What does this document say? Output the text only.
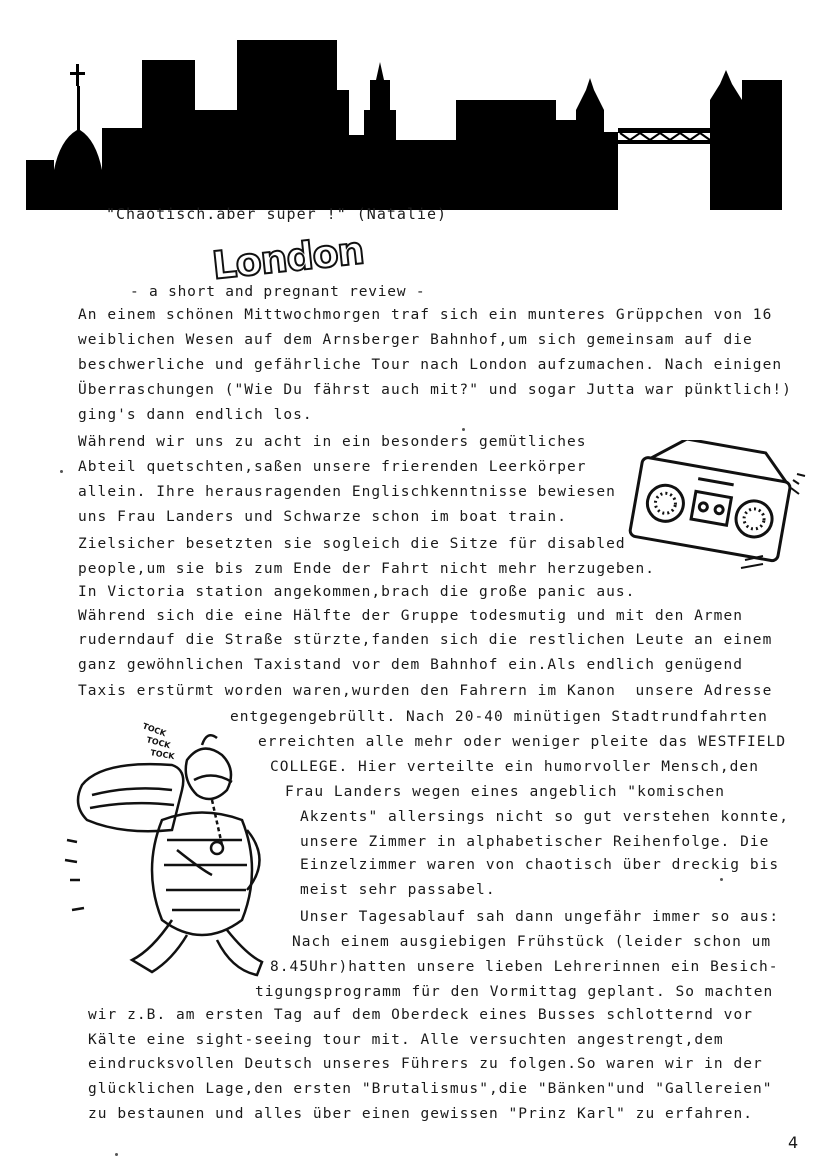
"Chaotisch.aber super !" (Natalie)
London
- a short and pregnant review -
An einem schönen Mittwochmorgen traf sich ein munteres Grüppchen von 16
weiblichen Wesen auf dem Arnsberger Bahnhof,um sich gemeinsam auf die
beschwerliche und gefährliche Tour nach London aufzumachen. Nach einigen
Überraschungen ("Wie Du fährst auch mit?" und sogar Jutta war pünktlich!)
ging's dann endlich los.
Während wir uns zu acht in ein besonders gemütliches
Abteil quetschten,saßen unsere frierenden Leerkörper
allein. Ihre herausragenden Englischkenntnisse bewiesen
uns Frau Landers und Schwarze schon im boat train.
Zielsicher besetzten sie sogleich die Sitze für disabled
people,um sie bis zum Ende der Fahrt nicht mehr herzugeben.
In Victoria station angekommen,brach die große panic aus.
Während sich die eine Hälfte der Gruppe todesmutig und mit den Armen
ruderndauf die Straße stürzte,fanden sich die restlichen Leute an einem
ganz gewöhnlichen Taxistand vor dem Bahnhof ein.Als endlich genügend
Taxis erstürmt worden waren,wurden den Fahrern im Kanon  unsere Adresse
entgegengebrüllt. Nach 20-40 minütigen Stadtrundfahrten
erreichten alle mehr oder weniger pleite das WESTFIELD
COLLEGE. Hier verteilte ein humorvoller Mensch,den
Frau Landers wegen eines angeblich "komischen
Akzents" allersings nicht so gut verstehen konnte,
unsere Zimmer in alphabetischer Reihenfolge. Die
Einzelzimmer waren von chaotisch über dreckig bis
meist sehr passabel.
Unser Tagesablauf sah dann ungefähr immer so aus:
Nach einem ausgiebigen Frühstück (leider schon um
8.45Uhr)hatten unsere lieben Lehrerinnen ein Besich-
tigungsprogramm für den Vormittag geplant. So machten
wir z.B. am ersten Tag auf dem Oberdeck eines Busses schlotternd vor
Kälte eine sight-seeing tour mit. Alle versuchten angestrengt,dem
eindrucksvollen Deutsch unseres Führers zu folgen.So waren wir in der
glücklichen Lage,den ersten "Brutalismus",die "Bänken"und "Gallereien"
zu bestaunen und alles über einen gewissen "Prinz Karl" zu erfahren.
TOCK
TOCK
TOCK
4
